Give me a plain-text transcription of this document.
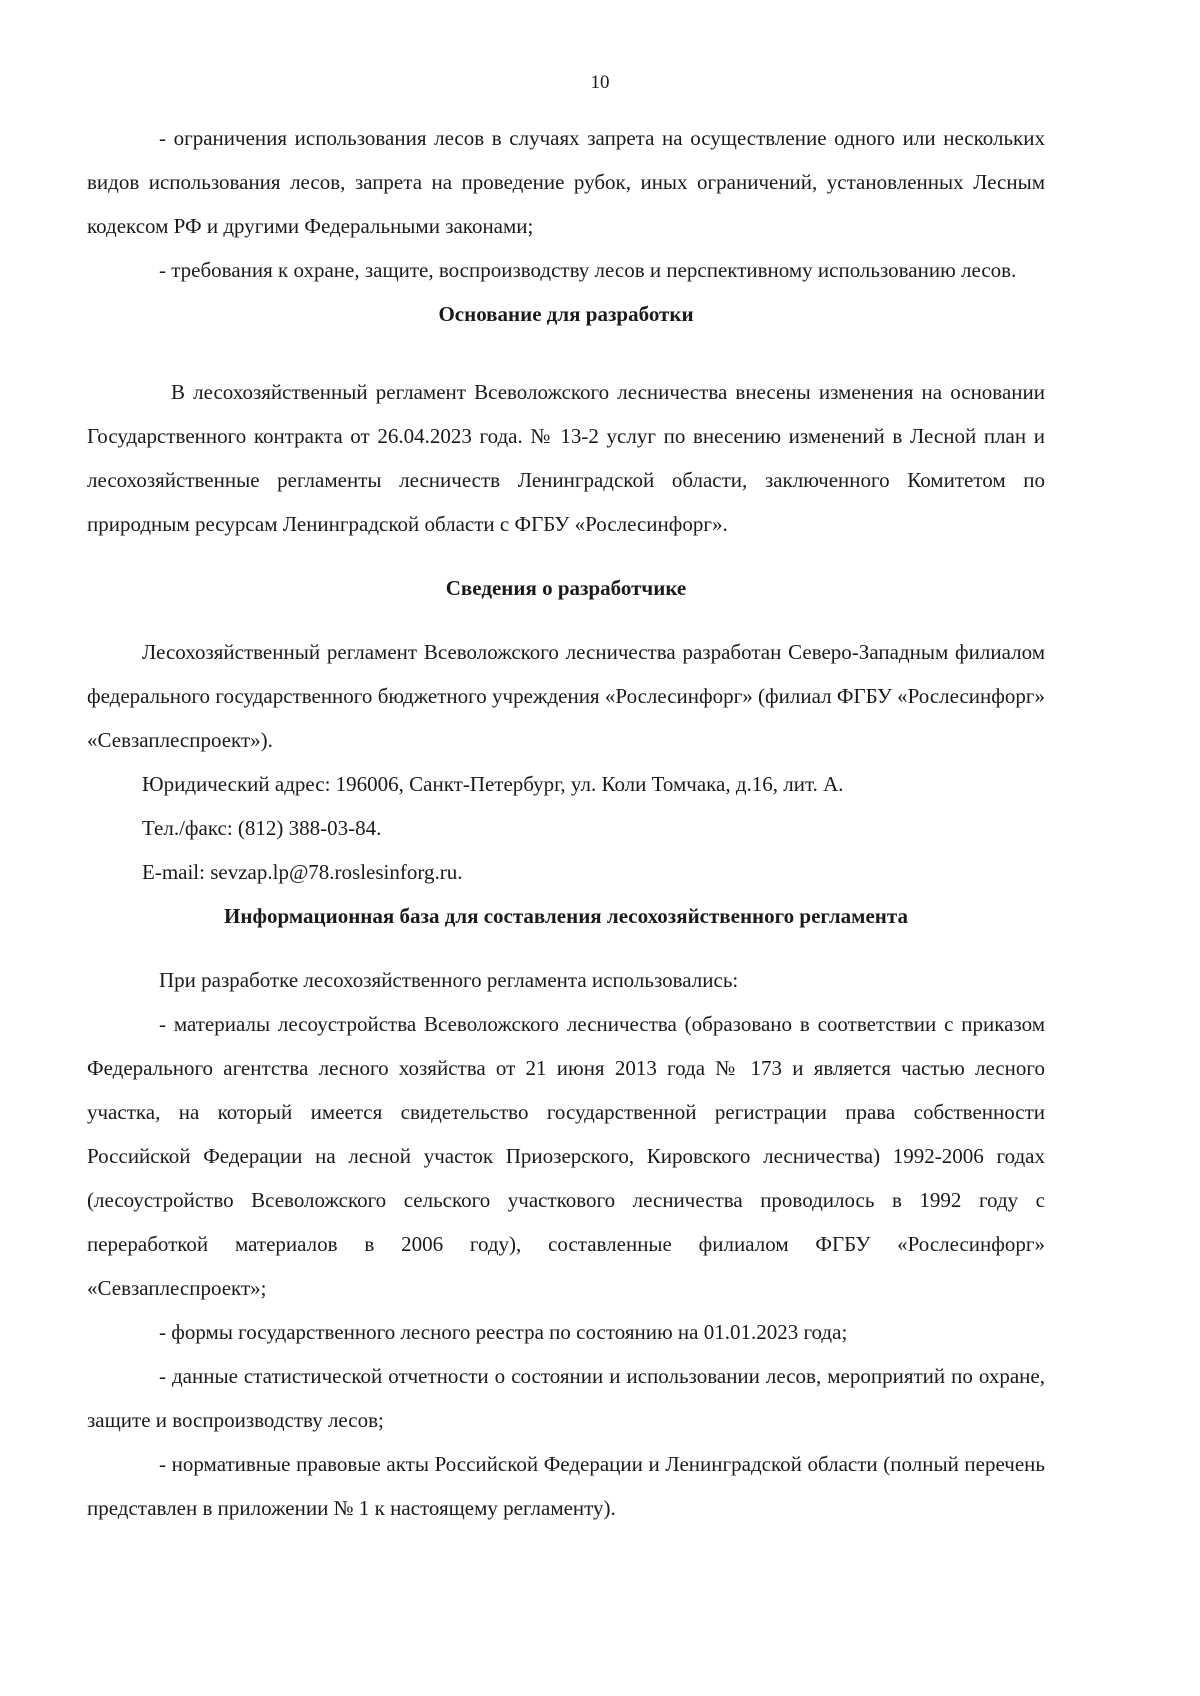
10

- ограничения использования лесов в случаях запрета на осуществление одного или нескольких видов использования лесов, запрета на проведение рубок, иных ограничений, установленных Лесным кодексом РФ и другими Федеральными законами;

- требования к охране, защите, воспроизводству лесов и перспективному использованию лесов.

Основание для разработки

В лесохозяйственный регламент Всеволожского лесничества внесены изменения на основании Государственного контракта от 26.04.2023 года. № 13-2 услуг по внесению изменений в Лесной план и лесохозяйственные регламенты лесничеств Ленинградской области, заключенного Комитетом по природным ресурсам Ленинградской области с ФГБУ «Рослесинфорг».

Сведения о разработчике

Лесохозяйственный регламент Всеволожского лесничества разработан Северо-Западным филиалом федерального государственного бюджетного учреждения «Рослесинфорг» (филиал ФГБУ «Рослесинфорг» «Севзаплеспроект»).

Юридический адрес: 196006, Санкт-Петербург, ул. Коли Томчака, д.16, лит. А.

Тел./факс: (812) 388-03-84.

E-mail: sevzap.lp@78.roslesinforg.ru.

Информационная база для составления лесохозяйственного регламента

При разработке лесохозяйственного регламента использовались:

- материалы лесоустройства Всеволожского лесничества (образовано в соответствии с приказом Федерального агентства лесного хозяйства от 21 июня 2013 года № 173 и является частью лесного участка, на который имеется свидетельство государственной регистрации права собственности Российской Федерации на лесной участок Приозерского, Кировского лесничества) 1992-2006 годах (лесоустройство Всеволожского сельского участкового лесничества проводилось в 1992 году с переработкой материалов в 2006 году), составленные филиалом ФГБУ «Рослесинфорг» «Севзаплеспроект»;

- формы государственного лесного реестра по состоянию на 01.01.2023 года;

- данные статистической отчетности о состоянии и использовании лесов, мероприятий по охране, защите и воспроизводству лесов;

- нормативные правовые акты Российской Федерации и Ленинградской области (полный перечень представлен в приложении № 1 к настоящему регламенту).
